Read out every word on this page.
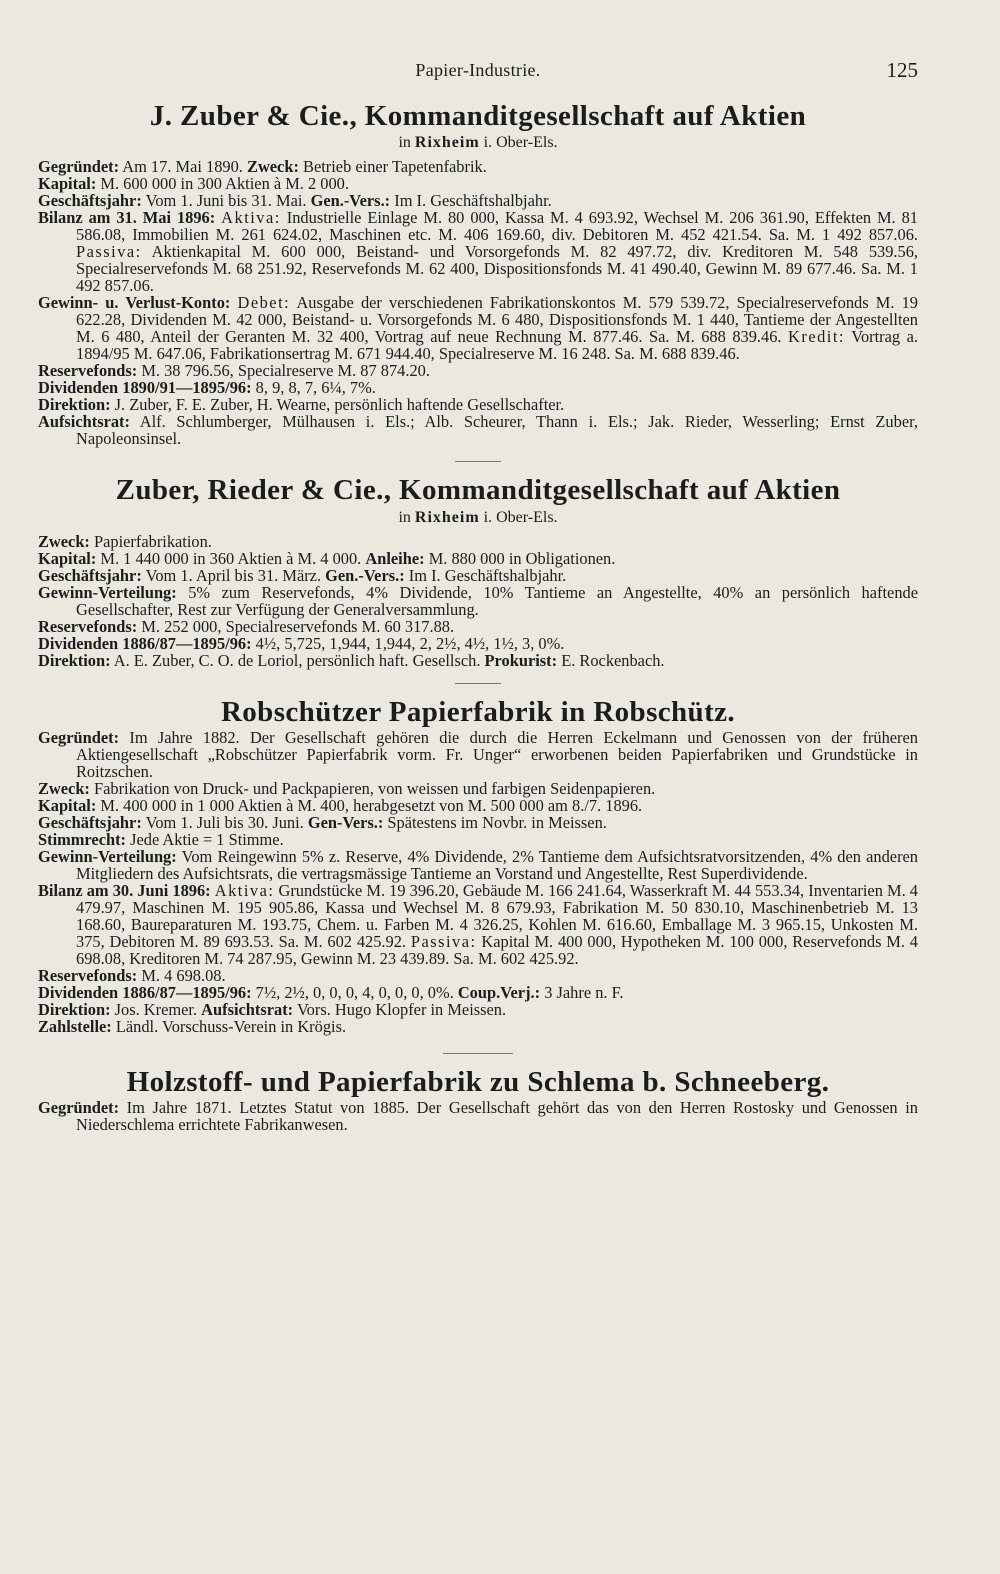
Papier-Industrie.	125
J. Zuber & Cie., Kommanditgesellschaft auf Aktien
in Rixheim i. Ober-Els.

Gegründet: Am 17. Mai 1890. Zweck: Betrieb einer Tapetenfabrik.

Kapital: M. 600 000 in 300 Aktien à M. 2 000.

Geschäftsjahr: Vom 1. Juni bis 31. Mai. Gen.-Vers.: Im I. Geschäftshalbjahr.

Bilanz am 31. Mai 1896: Aktiva: Industrielle Einlage M. 80 000, Kassa M. 4 693.92, Wechsel M. 206 361.90, Effekten M. 81 586.08, Immobilien M. 261 624.02, Maschinen etc. M. 406 169.60, div. Debitoren M. 452 421.54. Sa. M. 1 492 857.06. Passiva: Aktienkapital M. 600 000, Beistand- und Vorsorgefonds M. 82 497.72, div. Kreditoren M. 548 539.56, Specialreservefonds M. 68 251.92, Reservefonds M. 62 400, Dispositionsfonds M. 41 490.40, Gewinn M. 89 677.46. Sa. M. 1 492 857.06.

Gewinn- u. Verlust-Konto: Debet: Ausgabe der verschiedenen Fabrikationskontos M. 579 539.72, Specialreservefonds M. 19 622.28, Dividenden M. 42 000, Beistand- u. Vorsorgefonds M. 6 480, Dispositionsfonds M. 1 440, Tantieme der Angestellten M. 6 480, Anteil der Geranten M. 32 400, Vortrag auf neue Rechnung M. 877.46. Sa. M. 688 839.46. Kredit: Vortrag a. 1894/95 M. 647.06, Fabrikationsertrag M. 671 944.40, Specialreserve M. 16 248. Sa. M. 688 839.46.

Reservefonds: M. 38 796.56, Specialreserve M. 87 874.20.

Dividenden 1890/91—1895/96: 8, 9, 8, 7, 6¼, 7%.

Direktion: J. Zuber, F. E. Zuber, H. Wearne, persönlich haftende Gesellschafter.

Aufsichtsrat: Alf. Schlumberger, Mülhausen i. Els.; Alb. Scheurer, Thann i. Els.; Jak. Rieder, Wesserling; Ernst Zuber, Napoleonsinsel.

Zuber, Rieder & Cie., Kommanditgesellschaft auf Aktien
in Rixheim i. Ober-Els.

Zweck: Papierfabrikation.

Kapital: M. 1 440 000 in 360 Aktien à M. 4 000. Anleihe: M. 880 000 in Obligationen.

Geschäftsjahr: Vom 1. April bis 31. März. Gen.-Vers.: Im I. Geschäftshalbjahr.

Gewinn-Verteilung: 5% zum Reservefonds, 4% Dividende, 10% Tantieme an Angestellte, 40% an persönlich haftende Gesellschafter, Rest zur Verfügung der Generalversammlung.

Reservefonds: M. 252 000, Specialreservefonds M. 60 317.88.

Dividenden 1886/87—1895/96: 4½, 5,725, 1,944, 1,944, 2, 2½, 4½, 1½, 3, 0%.

Direktion: A. E. Zuber, C. O. de Loriol, persönlich haft. Gesellsch. Prokurist: E. Rockenbach.

Robschützer Papierfabrik in Robschütz.

Gegründet: Im Jahre 1882. Der Gesellschaft gehören die durch die Herren Eckelmann und Genossen von der früheren Aktiengesellschaft „Robschützer Papierfabrik vorm. Fr. Unger“ erworbenen beiden Papierfabriken und Grundstücke in Roitzschen.

Zweck: Fabrikation von Druck- und Packpapieren, von weissen und farbigen Seidenpapieren.

Kapital: M. 400 000 in 1 000 Aktien à M. 400, herabgesetzt von M. 500 000 am 8./7. 1896.

Geschäftsjahr: Vom 1. Juli bis 30. Juni. Gen-Vers.: Spätestens im Novbr. in Meissen.

Stimmrecht: Jede Aktie = 1 Stimme.

Gewinn-Verteilung: Vom Reingewinn 5% z. Reserve, 4% Dividende, 2% Tantieme dem Aufsichtsratvorsitzenden, 4% den anderen Mitgliedern des Aufsichtsrats, die vertragsmässige Tantieme an Vorstand und Angestellte, Rest Superdividende.

Bilanz am 30. Juni 1896: Aktiva: Grundstücke M. 19 396.20, Gebäude M. 166 241.64, Wasserkraft M. 44 553.34, Inventarien M. 4 479.97, Maschinen M. 195 905.86, Kassa und Wechsel M. 8 679.93, Fabrikation M. 50 830.10, Maschinenbetrieb M. 13 168.60, Baureparaturen M. 193.75, Chem. u. Farben M. 4 326.25, Kohlen M. 616.60, Emballage M. 3 965.15, Unkosten M. 375, Debitoren M. 89 693.53. Sa. M. 602 425.92. Passiva: Kapital M. 400 000, Hypotheken M. 100 000, Reservefonds M. 4 698.08, Kreditoren M. 74 287.95, Gewinn M. 23 439.89. Sa. M. 602 425.92.

Reservefonds: M. 4 698.08.

Dividenden 1886/87—1895/96: 7½, 2½, 0, 0, 0, 4, 0, 0, 0, 0%. Coup.Verj.: 3 Jahre n. F.

Direktion: Jos. Kremer. Aufsichtsrat: Vors. Hugo Klopfer in Meissen.

Zahlstelle: Ländl. Vorschuss-Verein in Krögis.

Holzstoff- und Papierfabrik zu Schlema b. Schneeberg.

Gegründet: Im Jahre 1871. Letztes Statut von 1885. Der Gesellschaft gehört das von den Herren Rostosky und Genossen in Niederschlema errichtete Fabrikanwesen.
